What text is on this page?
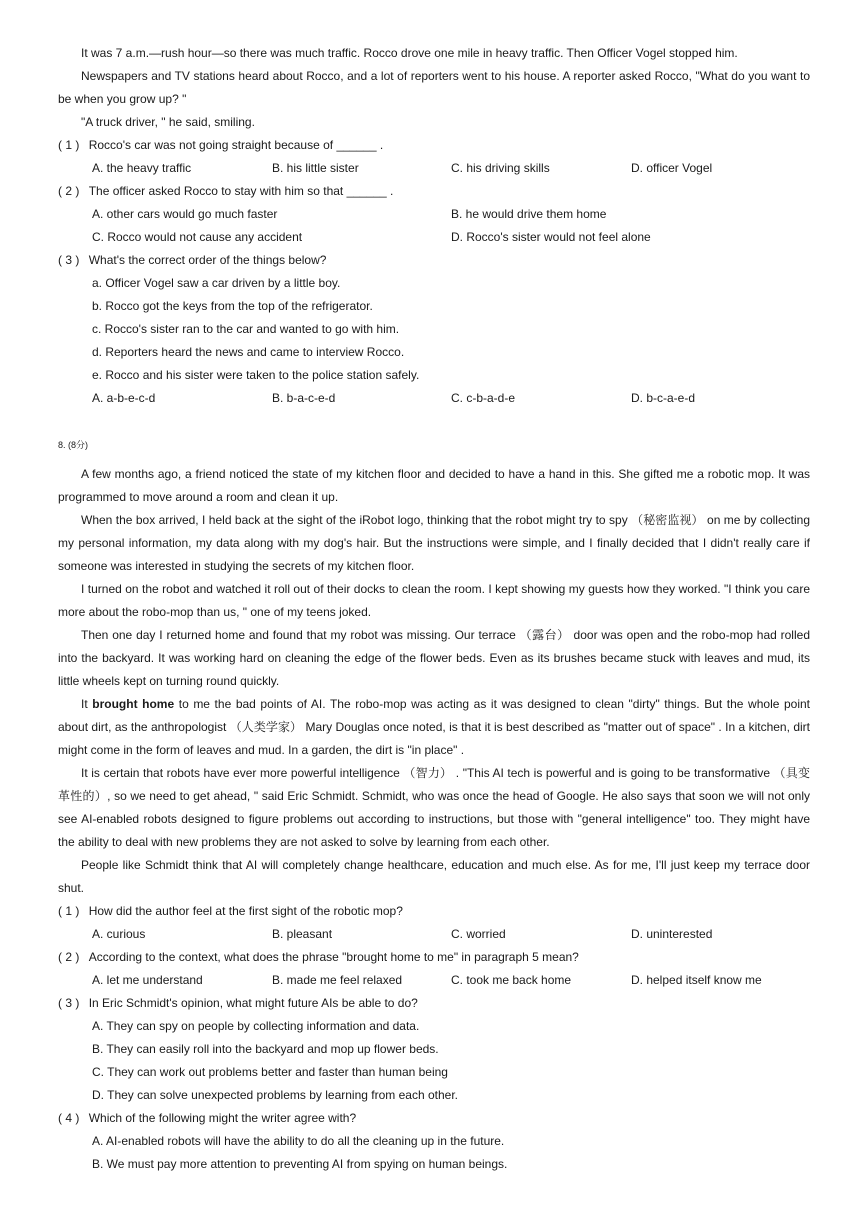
It was 7 a.m.—rush hour—so there was much traffic. Rocco drove one mile in heavy traffic. Then Officer Vogel stopped him.

Newspapers and TV stations heard about Rocco, and a lot of reporters went to his house. A reporter asked Rocco, "What do you want to be when you grow up? "

"A truck driver, " he said, smiling.

( 1 ) Rocco's car was not going straight because of ______ .
A. the heavy traffic	B. his little sister	C. his driving skills	D. officer Vogel
( 2 ) The officer asked Rocco to stay with him so that ______ .
A. other cars would go much faster	B. he would drive them home
C. Rocco would not cause any accident	D. Rocco's sister would not feel alone
( 3 ) What's the correct order of the things below?
a. Officer Vogel saw a car driven by a little boy.
b. Rocco got the keys from the top of the refrigerator.
c. Rocco's sister ran to the car and wanted to go with him.
d. Reporters heard the news and came to interview Rocco.
e. Rocco and his sister were taken to the police station safely.
A. a-b-e-c-d	B. b-a-c-e-d	C. c-b-a-d-e	D. b-c-a-e-d
8. (8分)

A few months ago, a friend noticed the state of my kitchen floor and decided to have a hand in this. She gifted me a robotic mop. It was programmed to move around a room and clean it up.

When the box arrived, I held back at the sight of the iRobot logo, thinking that the robot might try to spy （秘密监视） on me by collecting my personal information, my data along with my dog's hair. But the instructions were simple, and I finally decided that I didn't really care if someone was interested in studying the secrets of my kitchen floor.

I turned on the robot and watched it roll out of their docks to clean the room. I kept showing my guests how they worked. "I think you care more about the robo-mop than us, " one of my teens joked.

Then one day I returned home and found that my robot was missing. Our terrace （露台） door was open and the robo-mop had rolled into the backyard. It was working hard on cleaning the edge of the flower beds. Even as its brushes became stuck with leaves and mud, its little wheels kept on turning round quickly.

It brought home to me the bad points of AI. The robo-mop was acting as it was designed to clean "dirty" things. But the whole point about dirt, as the anthropologist （人类学家） Mary Douglas once noted, is that it is best described as "matter out of space" . In a kitchen, dirt might come in the form of leaves and mud. In a garden, the dirt is "in place" .

It is certain that robots have ever more powerful intelligence （智力） . "This AI tech is powerful and is going to be transformative （具变革性的）, so we need to get ahead, " said Eric Schmidt. Schmidt, who was once the head of Google. He also says that soon we will not only see AI-enabled robots designed to figure problems out according to instructions, but those with "general intelligence" too. They might have the ability to deal with new problems they are not asked to solve by learning from each other.

People like Schmidt think that AI will completely change healthcare, education and much else. As for me, I'll just keep my terrace door shut.

( 1 ) How did the author feel at the first sight of the robotic mop?
A. curious	B. pleasant	C. worried	D. uninterested
( 2 ) According to the context, what does the phrase "brought home to me" in paragraph 5 mean?
A. let me understand	B. made me feel relaxed	C. took me back home	D. helped itself know me
( 3 ) In Eric Schmidt's opinion, what might future AIs be able to do?
A. They can spy on people by collecting information and data.
B. They can easily roll into the backyard and mop up flower beds.
C. They can work out problems better and faster than human being
D. They can solve unexpected problems by learning from each other.
( 4 ) Which of the following might the writer agree with?
A. AI-enabled robots will have the ability to do all the cleaning up in the future.
B. We must pay more attention to preventing AI from spying on human beings.
